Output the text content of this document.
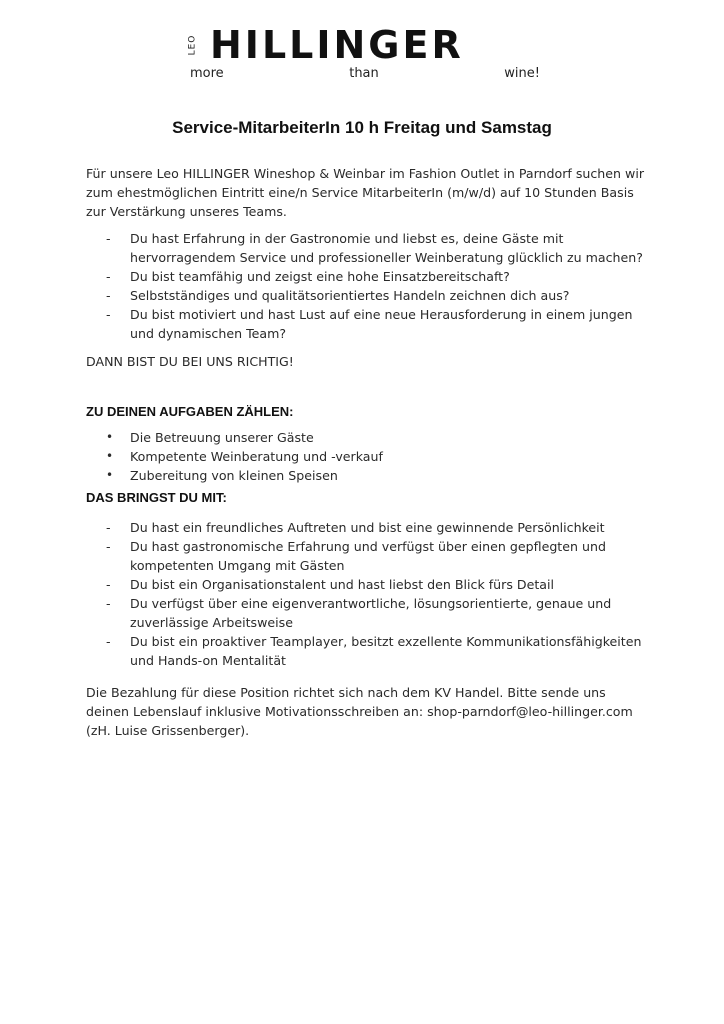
LEO HILLINGER
more	than	wine!
Service-MitarbeiterIn 10 h Freitag und Samstag

Für unsere Leo HILLINGER Wineshop & Weinbar im Fashion Outlet in Parndorf suchen wir zum ehestmöglichen Eintritt eine/n Service MitarbeiterIn (m/w/d) auf 10 Stunden Basis zur Verstärkung unseres Teams.

- Du hast Erfahrung in der Gastronomie und liebst es, deine Gäste mit hervorragendem Service und professioneller Weinberatung glücklich zu machen?
- Du bist teamfähig und zeigst eine hohe Einsatzbereitschaft?
- Selbstständiges und qualitätsorientiertes Handeln zeichnen dich aus?
- Du bist motiviert und hast Lust auf eine neue Herausforderung in einem jungen und dynamischen Team?

DANN BIST DU BEI UNS RICHTIG!

ZU DEINEN AUFGABEN ZÄHLEN:

• Die Betreuung unserer Gäste
• Kompetente Weinberatung und -verkauf
• Zubereitung von kleinen Speisen

DAS BRINGST DU MIT:

- Du hast ein freundliches Auftreten und bist eine gewinnende Persönlichkeit
- Du hast gastronomische Erfahrung und verfügst über einen gepflegten und kompetenten Umgang mit Gästen
- Du bist ein Organisationstalent und hast liebst den Blick fürs Detail
- Du verfügst über eine eigenverantwortliche, lösungsorientierte, genaue und zuverlässige Arbeitsweise
- Du bist ein proaktiver Teamplayer, besitzt exzellente Kommunikationsfähigkeiten und Hands-on Mentalität

Die Bezahlung für diese Position richtet sich nach dem KV Handel. Bitte sende uns deinen Lebenslauf inklusive Motivationsschreiben an: shop-parndorf@leo-hillinger.com (zH. Luise Grissenberger).
